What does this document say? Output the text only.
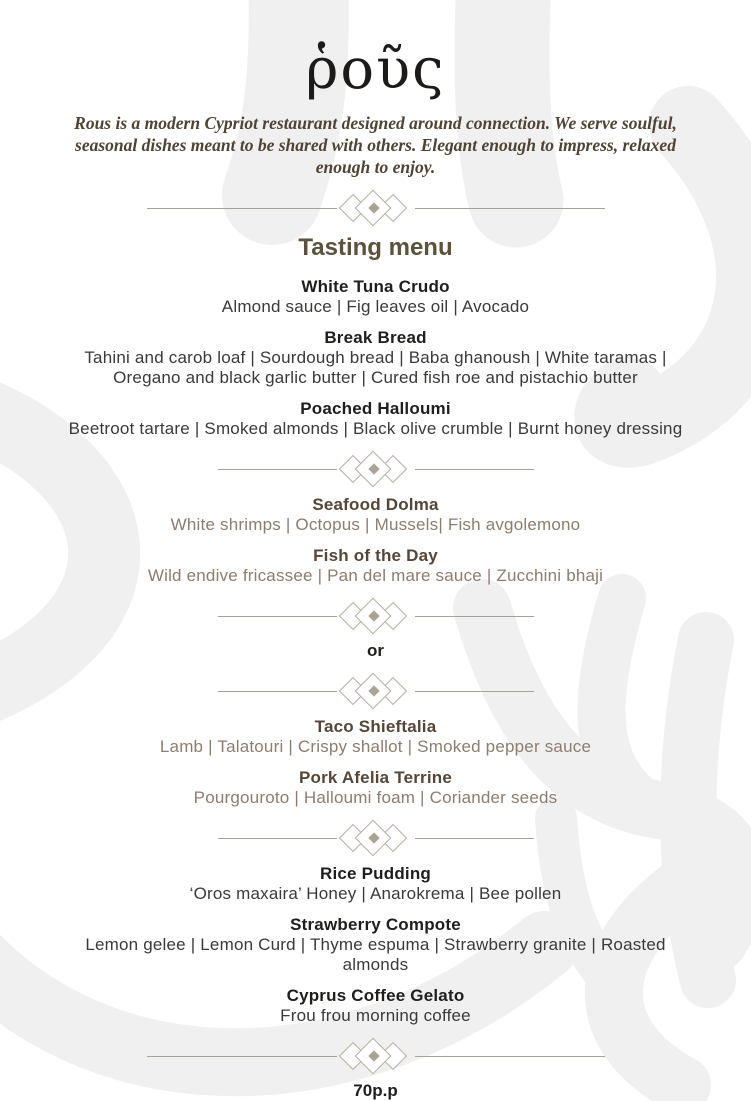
ῥοῦς
Rous is a modern Cypriot restaurant designed around connection. We serve soulful, seasonal dishes meant to be shared with others. Elegant enough to impress, relaxed enough to enjoy.
Tasting menu
White Tuna Crudo
Almond sauce | Fig leaves oil | Avocado
Break Bread
Tahini and carob loaf | Sourdough bread | Baba ghanoush | White taramas | Oregano and black garlic butter | Cured fish roe and pistachio butter
Poached Halloumi
Beetroot tartare | Smoked almonds | Black olive crumble | Burnt honey dressing
Seafood Dolma
White shrimps | Octopus | Mussels| Fish avgolemono
Fish of the Day
Wild endive fricassee | Pan del mare sauce | Zucchini bhaji
or
Taco Shieftalia
Lamb | Talatouri | Crispy shallot | Smoked pepper sauce
Pork Afelia Terrine
Pourgouroto | Halloumi foam | Coriander seeds
Rice Pudding
‘Oros maxaira’ Honey | Anarokrema | Bee pollen
Strawberry Compote
Lemon gelee | Lemon Curd | Thyme espuma | Strawberry granite | Roasted almonds
Cyprus Coffee Gelato
Frou frou morning coffee
70p.p
